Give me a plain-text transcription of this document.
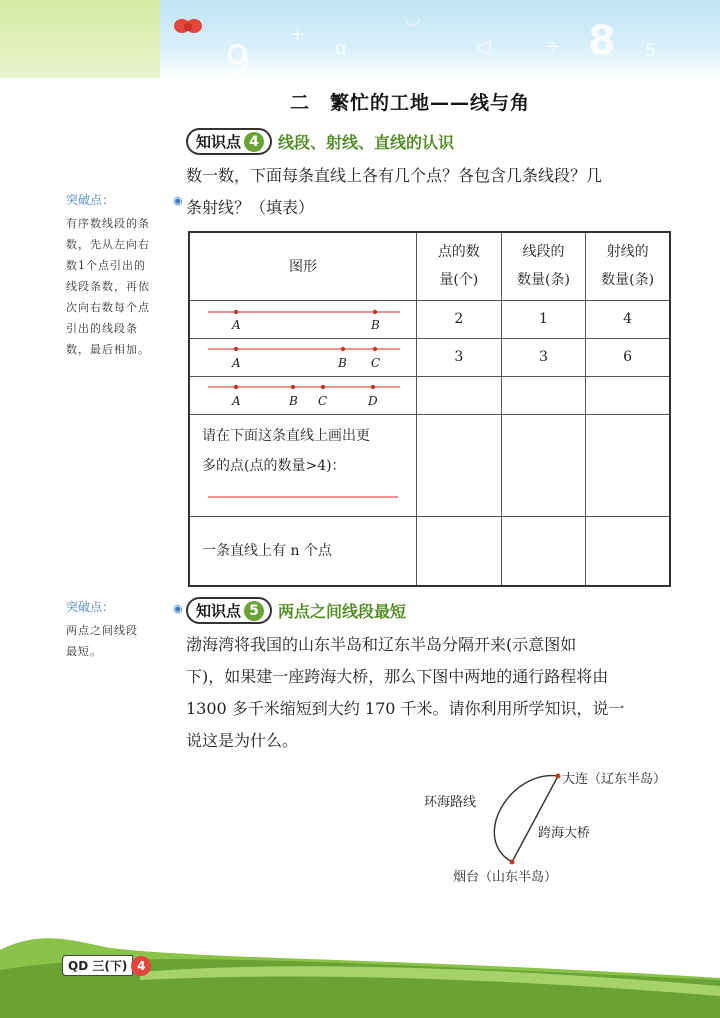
9
+
q
◡
◁	÷ 8 5
二　繁忙的工地——线与角
知识点 4	线段、射线、直线的认识

数一数，下面每条直线上各有几个点？各包含几条线段？几

条射线？（填表）

突破点：	◉

有序数线段的条

数，先从左向右

数1个点引出的

线段条数，再依

次向右数每个点

引出的线段条

数，最后相加。

图形	点的数
量(个)	线段的
数量(条)	射线的
数量(条)

A B	2	1	4

A B C	3	3	6

A B C D			

请在下面这条直线上画出更
多的点(点的数量>4)：

一条直线上有 n 个点			
突破点：	◉

两点之间线段

最短。

知识点 5	两点之间线段最短

渤海湾将我国的山东半岛和辽东半岛分隔开来(示意图如

下)，如果建一座跨海大桥，那么下图中两地的通行路程将由

1300 多千米缩短到大约 170 千米。请你利用所学知识，说一

说这是为什么。

大连（辽东半岛）
环海路线
跨海大桥
烟台（山东半岛）
QD 三(下) 4
